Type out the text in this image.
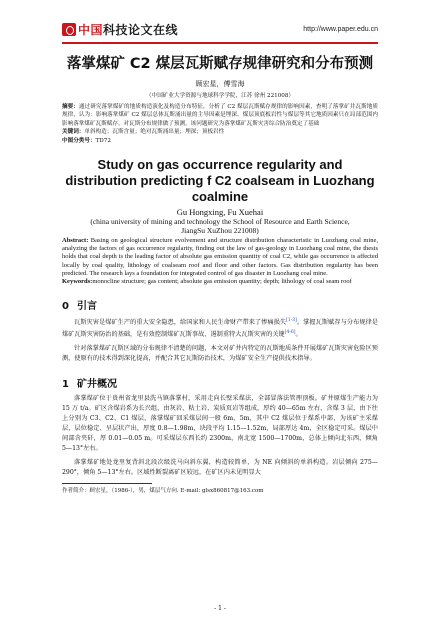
中国科技论文在线	http://www.paper.edu.cn
落掌煤矿 C2 煤层瓦斯赋存规律研究和分布预测
顾宏星，傅雪海
（中国矿业大学资源与地球科学学院，江苏 徐州 221008）
摘要：通过研究落掌煤矿的地质构造演化及构造分布特征，分析了 C2 煤层瓦斯赋存规律的影响因素，查明了落掌矿井瓦斯地质规律，认为：影响落掌煤矿 C2 煤层总体瓦斯涌出量的主导因素是埋深、煤层顶底板岩性与煤层等其它地质因素只在局部范围内影响落掌煤矿瓦斯赋存。对瓦斯分布规律做了预测。该问题研究为落掌煤矿瓦斯灾害综合防治奠定了基础
关键词：单斜构造；瓦斯含量；绝对瓦斯涌出量；埋深；顶板岩性
中图分类号：TD72
Study on gas occurrence regularity and distribution predicting f C2 coalseam in Luozhang coalmine
Gu Hongxing, Fu Xuehai
(china university of mining and technology the School of Resource and Earth Science,
JiangSu XuZhou 221008)
Abstract: Basing on geological structure evolvement and structure distribution characteristic in Luozhang coal mine, analyzing the factors of gas occurrence regularity, finding out the law of gas-geology in Luozhang coal mine, the thesis holds that coal depth is the leading factor of absolute gas emission quantity of coal C2, while gas occurrence is affected locally by coal quality, lithology of coalseam roof and floor and other factors. Gas distribution regularity has been predicted. The research lays a foundation for integrated control of gas disaster in Luozhang coal mine.
Keywords:monocline structure; gas content; absolute gas emission quantity; depth; lithology of coal seam roof
0 引言
瓦斯灾害是煤矿生产的重大安全隐患，给国家和人民生命财产带来了惨痛损失[1-3]。掌握瓦斯赋存与分布规律是煤矿瓦斯灾害防治的基础，是有效控制煤矿瓦斯事故、遏制重特大瓦斯灾害的关键[4-6]。
针对落掌煤矿瓦斯区域的分布规律不清楚的问题，本文对矿井内特定的瓦斯地质条件开展煤矿瓦斯灾害危险区预测，使原有的技术得到深化提高，并配合其它瓦斯防治技术，为煤矿安全生产提供技术指导。
1 矿井概况
落掌煤矿位于贵州省龙里县洗马镇落掌村，采用走向长壁采煤法，全部冒落法管理顶板。矿井原煤生产能力为 15 万 t/a。矿区含煤岩系为长兴组，由灰岩、粘土岩、炭质页岩等组成，厚约 40—65m 左右，含煤 3 层，由下往上分别为 C3、C2、C1 煤层，落掌煤矿回采煤层间一般 6m、5m，其中 C2 煤层位于煤系中部，为该矿主采煤层，层位稳定、呈层状产出，厚度 0.8—1.98m，块段平均 1.15—1.52m，局部厚达 4m，全区稳定可采。煤层中间部含夹矸，厚 0.01—0.05 m。可采煤层东西长约 2300m，南北宽 1500—1700m，总体上倾向北东西，倾角 5—13°左右。
落掌煤矿地处龙里复背斜北段次级洗马向斜东翼，构造较简单，为 NE 向倾斜的单斜构造。岩层倾向 275—290°，倾角 5—13°左右。区域性断裂离矿区较远，在矿区内未见明显大
作者简介：顾宏星，（1986-），男，煤层气方向. E-mail: glsx860817@163.com
- 1 -
